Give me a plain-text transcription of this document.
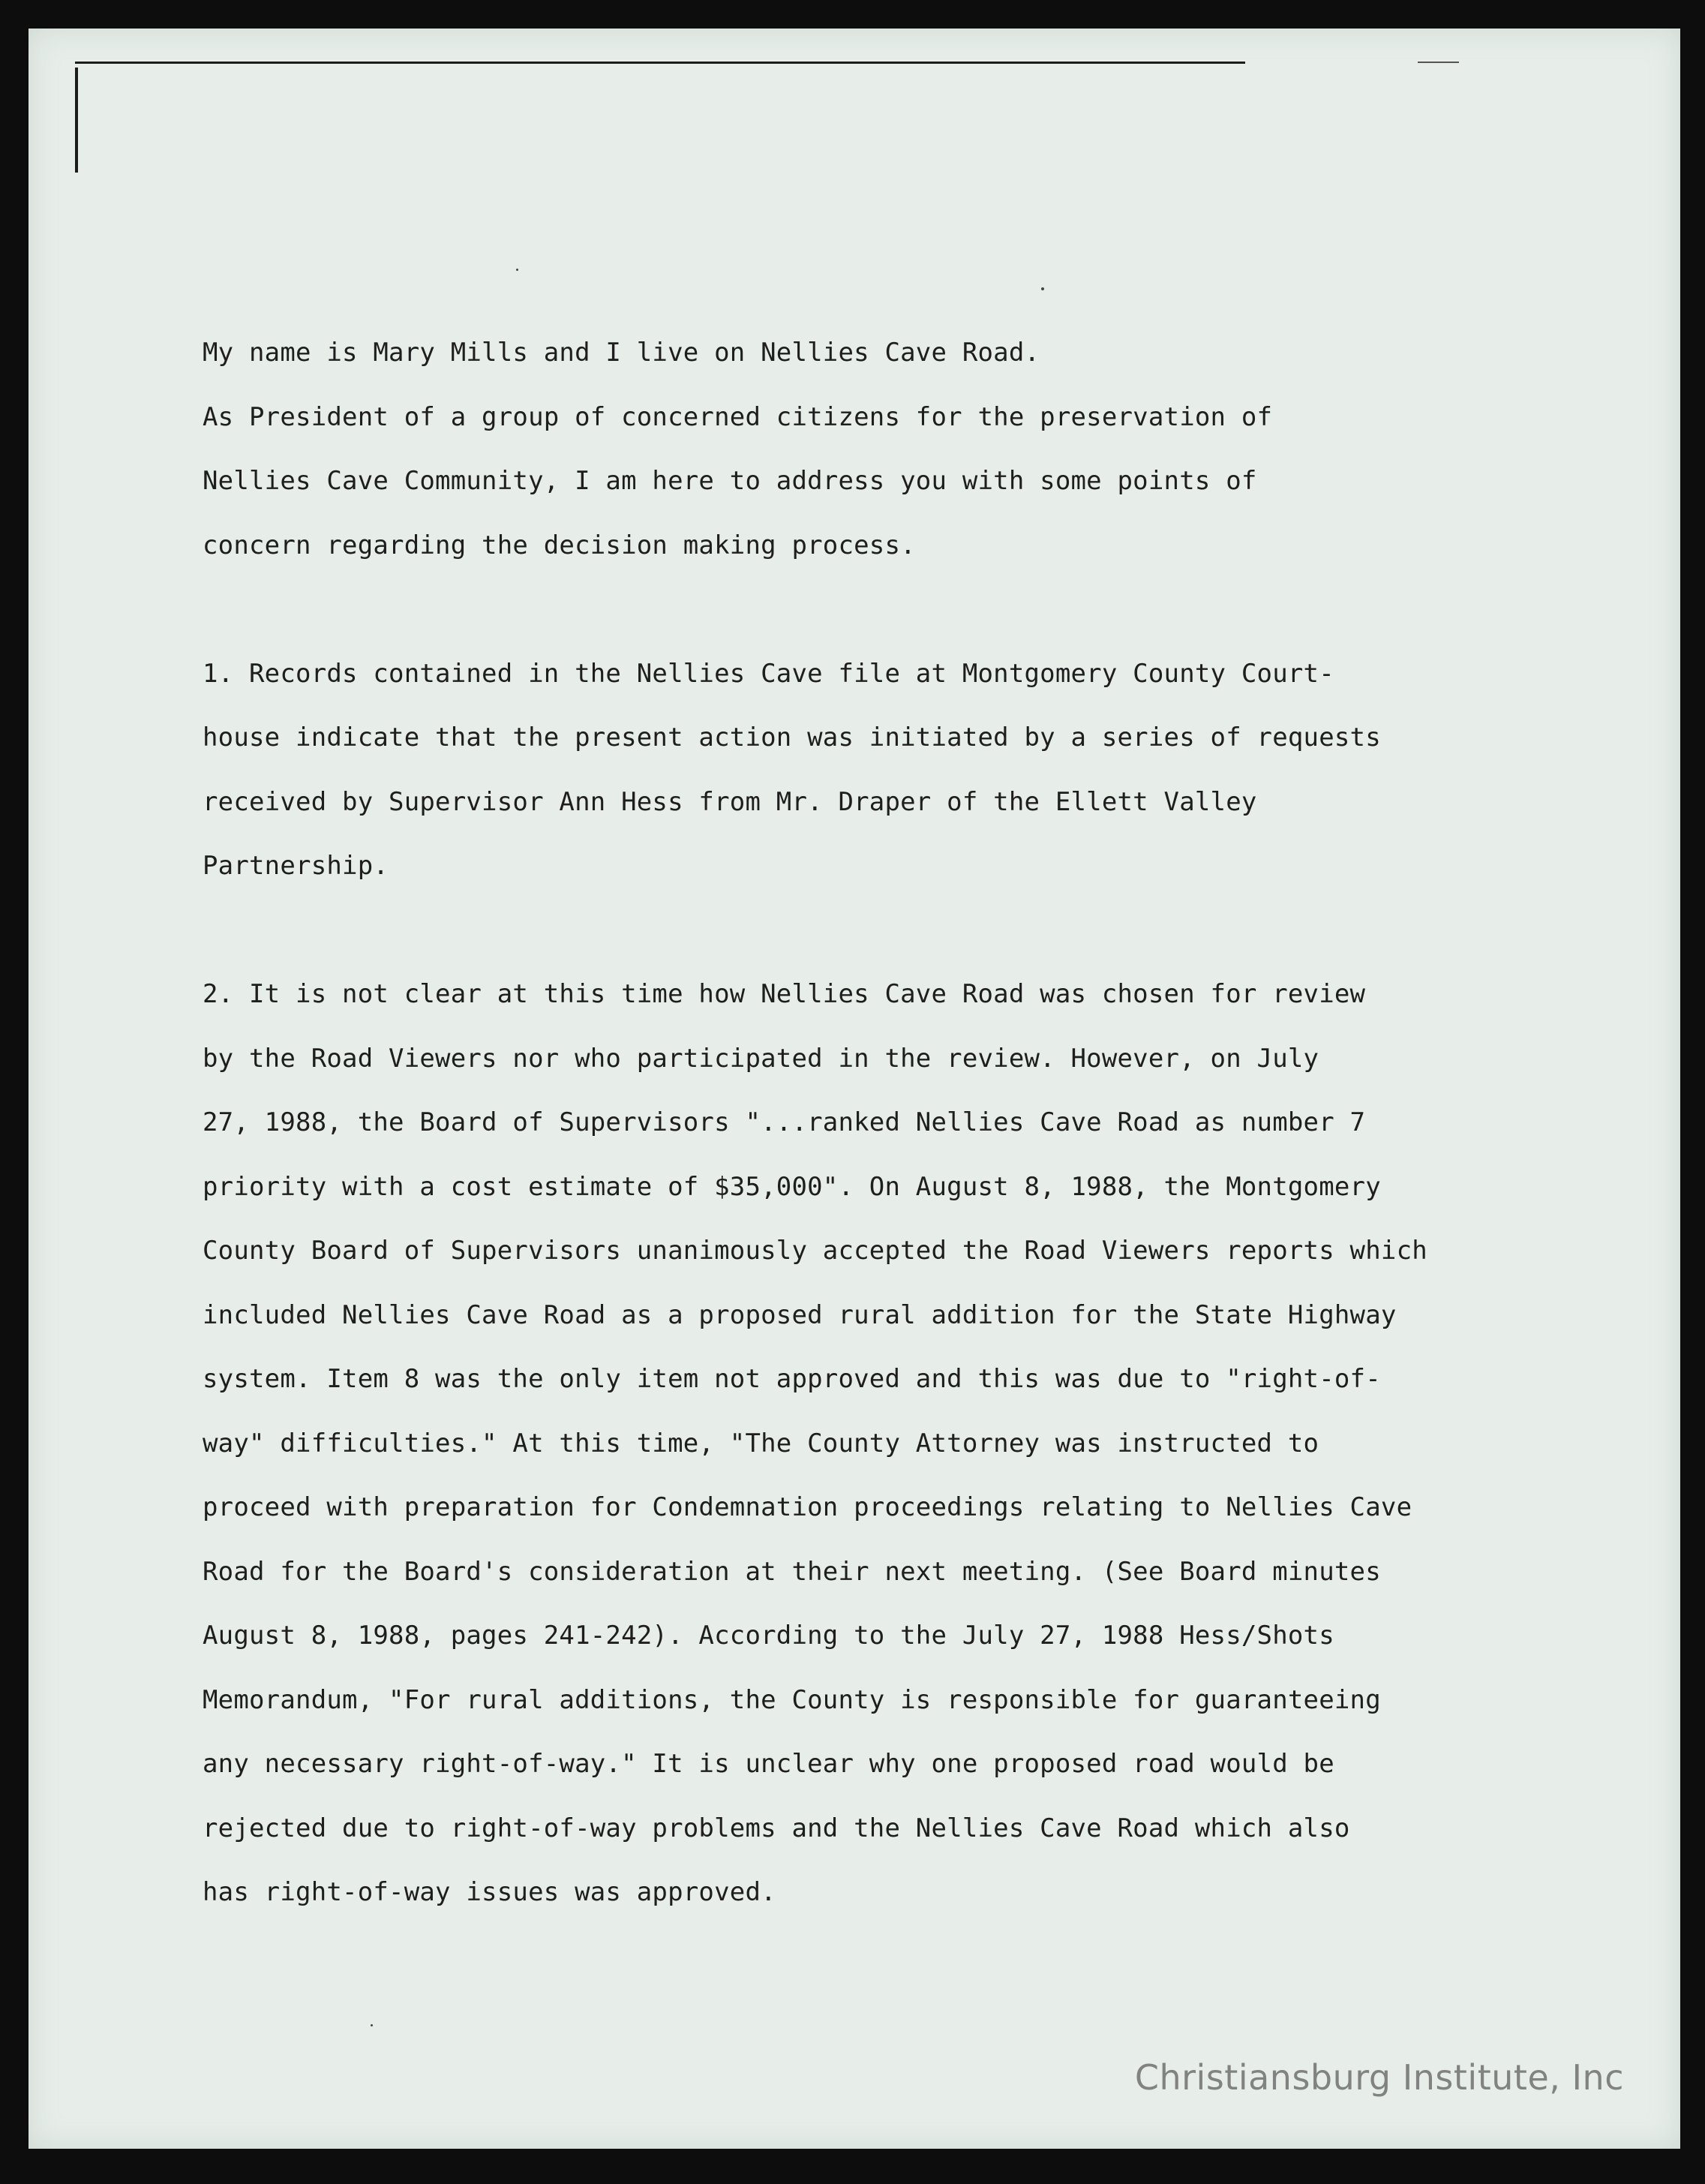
My name is Mary Mills and I live on Nellies Cave Road.
As President of a group of concerned citizens for the preservation of
Nellies Cave Community, I am here to address you with some points of
concern regarding the decision making process.
1. Records contained in the Nellies Cave file at Montgomery County Court-
house indicate that the present action was initiated by a series of requests
received by Supervisor Ann Hess from Mr. Draper of the Ellett Valley
Partnership.
2. It is not clear at this time how Nellies Cave Road was chosen for review
by the Road Viewers nor who participated in the review. However, on July
27, 1988, the Board of Supervisors "...ranked Nellies Cave Road as number 7
priority with a cost estimate of $35,000". On August 8, 1988, the Montgomery
County Board of Supervisors unanimously accepted the Road Viewers reports which
included Nellies Cave Road as a proposed rural addition for the State Highway
system. Item 8 was the only item not approved and this was due to "right-of-
way" difficulties." At this time, "The County Attorney was instructed to
proceed with preparation for Condemnation proceedings relating to Nellies Cave
Road for the Board's consideration at their next meeting. (See Board minutes
August 8, 1988, pages 241-242). According to the July 27, 1988 Hess/Shots
Memorandum, "For rural additions, the County is responsible for guaranteeing
any necessary right-of-way." It is unclear why one proposed road would be
rejected due to right-of-way problems and the Nellies Cave Road which also
has right-of-way issues was approved.
Christiansburg Institute, Inc
